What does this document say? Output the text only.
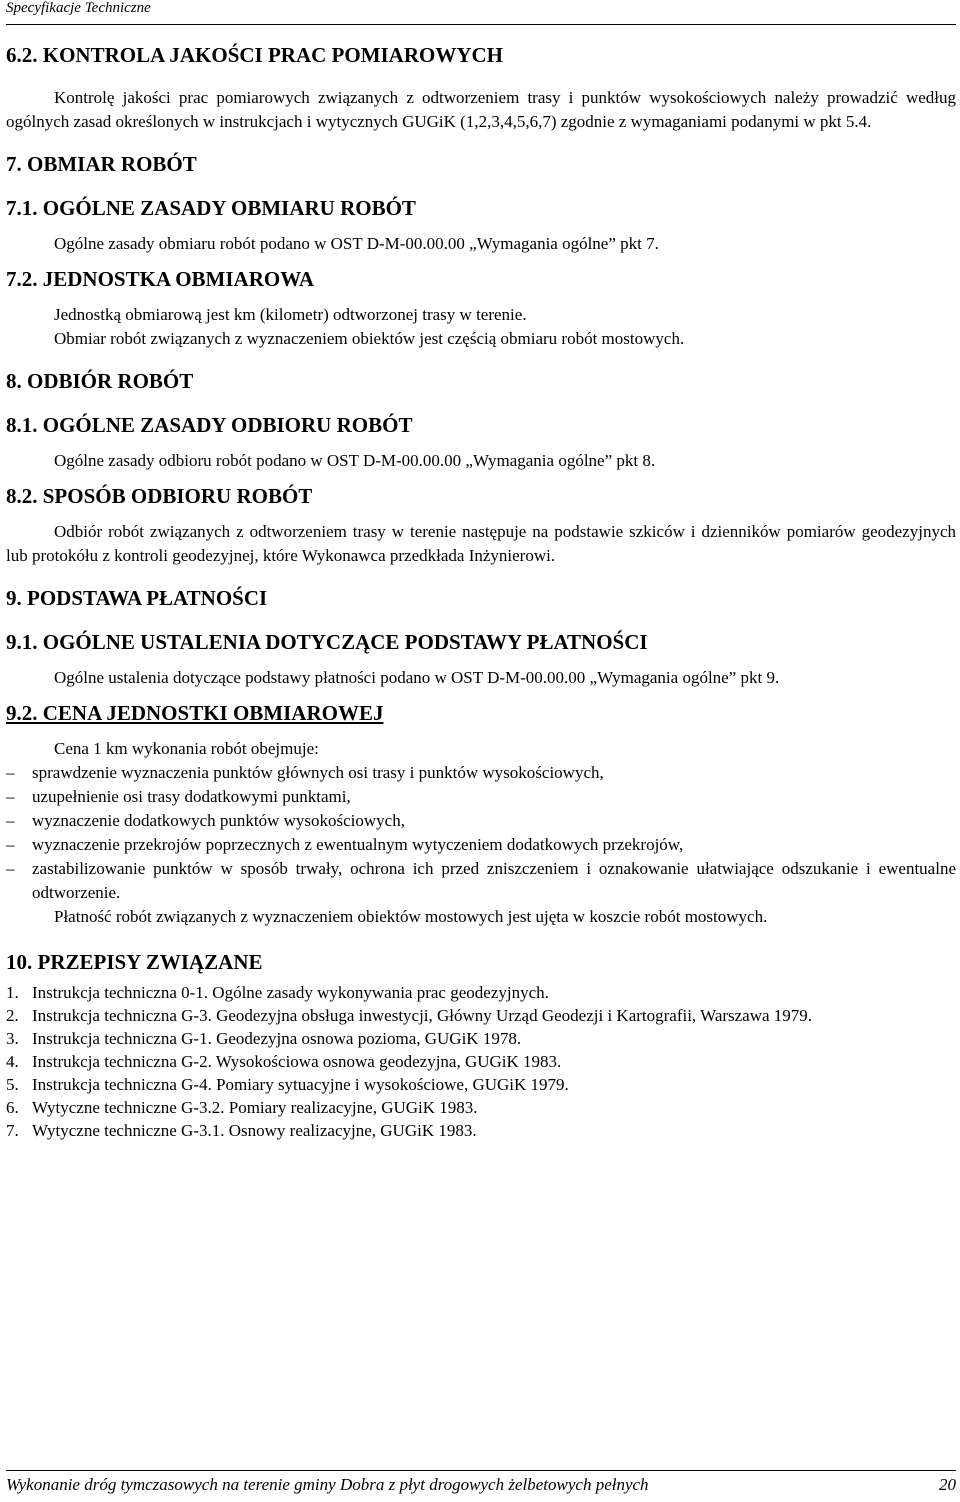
Specyfikacje Techniczne
6.2. KONTROLA JAKOŚCI PRAC POMIAROWYCH
Kontrolę jakości prac pomiarowych związanych z odtworzeniem trasy i punktów wysokościowych należy prowadzić według ogólnych zasad określonych w instrukcjach i wytycznych GUGiK (1,2,3,4,5,6,7) zgodnie z wymaganiami podanymi w pkt 5.4.
7. OBMIAR ROBÓT
7.1. OGÓLNE ZASADY OBMIARU ROBÓT
Ogólne zasady obmiaru robót podano w OST D-M-00.00.00 „Wymagania ogólne” pkt 7.
7.2. JEDNOSTKA OBMIAROWA
Jednostką obmiarową jest km (kilometr) odtworzonej trasy w terenie.
Obmiar robót związanych z wyznaczeniem obiektów jest częścią obmiaru robót mostowych.
8. ODBIÓR ROBÓT
8.1. OGÓLNE ZASADY ODBIORU ROBÓT
Ogólne zasady odbioru robót podano w OST D-M-00.00.00 „Wymagania ogólne” pkt 8.
8.2. SPOSÓB ODBIORU ROBÓT
Odbiór robót związanych z odtworzeniem trasy w terenie następuje na podstawie szkiców i dzienników pomiarów geodezyjnych lub protokółu z kontroli geodezyjnej, które Wykonawca przedkłada Inżynierowi.
9. PODSTAWA PŁATNOŚCI
9.1. OGÓLNE USTALENIA DOTYCZĄCE PODSTAWY PŁATNOŚCI
Ogólne ustalenia dotyczące podstawy płatności podano w OST D-M-00.00.00 „Wymagania ogólne” pkt 9.
9.2. CENA JEDNOSTKI OBMIAROWEJ
Cena 1 km wykonania robót obejmuje:
– sprawdzenie wyznaczenia punktów głównych osi trasy i punktów wysokościowych,
– uzupełnienie osi trasy dodatkowymi punktami,
– wyznaczenie dodatkowych punktów wysokościowych,
– wyznaczenie przekrojów poprzecznych z ewentualnym wytyczeniem dodatkowych przekrojów,
– zastabilizowanie punktów w sposób trwały, ochrona ich przed zniszczeniem i oznakowanie ułatwiające odszukanie i ewentualne odtworzenie.
Płatność robót związanych z wyznaczeniem obiektów mostowych jest ujęta w koszcie robót mostowych.
10. PRZEPISY ZWIĄZANE
1. Instrukcja techniczna 0-1. Ogólne zasady wykonywania prac geodezyjnych.
2. Instrukcja techniczna G-3. Geodezyjna obsługa inwestycji, Główny Urząd Geodezji i Kartografii, Warszawa 1979.
3. Instrukcja techniczna G-1. Geodezyjna osnowa pozioma, GUGiK 1978.
4. Instrukcja techniczna G-2. Wysokościowa osnowa geodezyjna, GUGiK 1983.
5. Instrukcja techniczna G-4. Pomiary sytuacyjne i wysokościowe, GUGiK 1979.
6. Wytyczne techniczne G-3.2. Pomiary realizacyjne, GUGiK 1983.
7. Wytyczne techniczne G-3.1. Osnowy realizacyjne, GUGiK 1983.
Wykonanie dróg tymczasowych na terenie gminy Dobra z płyt drogowych żelbetowych pełnych	20
